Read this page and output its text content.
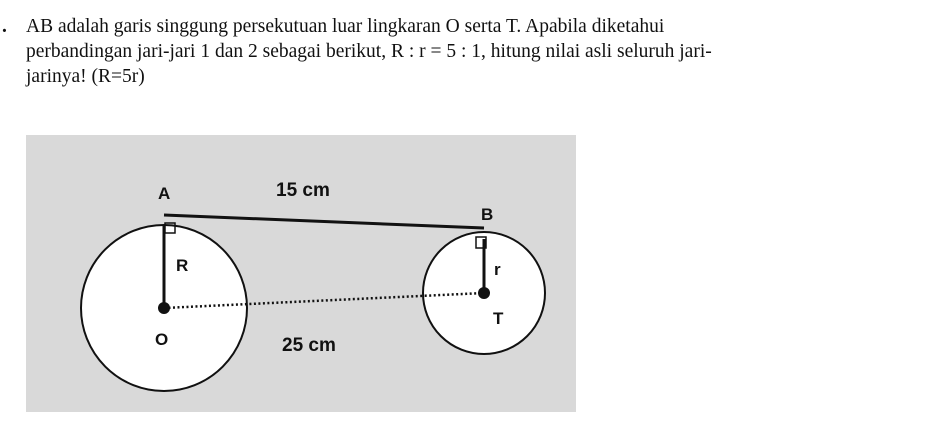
. AB adalah garis singgung persekutuan luar lingkaran O serta T. Apabila diketahui
perbandingan jari-jari 1 dan 2 sebagai berikut, R : r = 5 : 1, hitung nilai asli seluruh jari-
jarinya! (R=5r)
A
B
R	r
O
T
15 cm
25 cm
